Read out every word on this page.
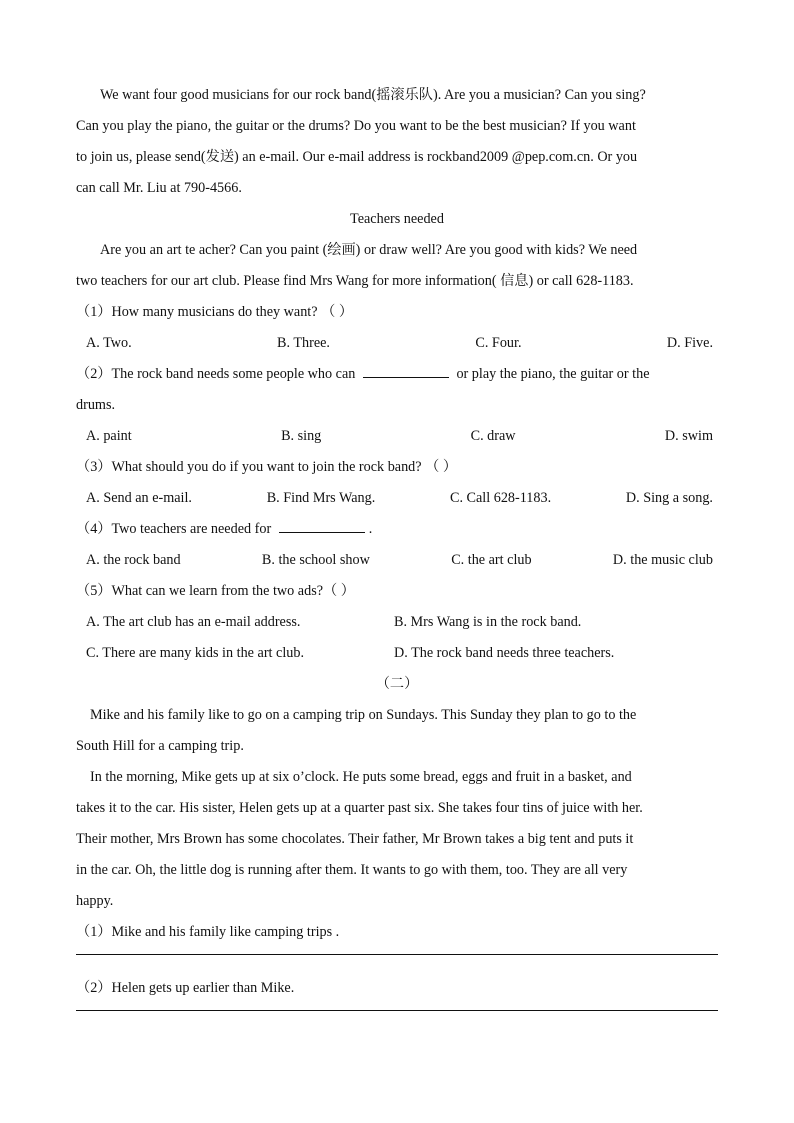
We want four good musicians for our rock band(摇滚乐队). Are you a musician? Can you sing?
Can you play the piano, the guitar or the drums? Do you want to be the best musician? If you want
to join us, please send(发送) an e-mail. Our e-mail address is rockband2009 @pep.com.cn. Or you
can call Mr. Liu at 790-4566.
Teachers needed
Are you an art te acher? Can you paint (绘画) or draw well? Are you good with kids? We need
two teachers for our art club. Please find Mrs Wang for more information( 信息) or call 628-1183.
（1）How many musicians do they want? （ ）
A. Two.	B. Three.	C. Four.	D. Five.
（2）The rock band needs some people who can	or play the piano, the guitar or the
drums.
A. paint	B. sing	C. draw	D. swim
（3）What should you do if you want to join the rock band? （ ）
A. Send an e-mail.	B. Find Mrs Wang.	C. Call 628-1183.	D. Sing a song.
（4）Two teachers are needed for	.
A. the rock band	B. the school show	C. the art club	D. the music club
（5）What can we learn from the two ads?（ ）
A. The art club has an e-mail address.	B. Mrs Wang is in the rock band.
C. There are many kids in the art club.	D. The rock band needs three teachers.
（二）
Mike and his family like to go on a camping trip on Sundays. This Sunday they plan to go to the
South Hill for a camping trip.
In the morning, Mike gets up at six o’clock. He puts some bread, eggs and fruit in a basket, and
takes it to the car. His sister, Helen gets up at a quarter past six. She takes four tins of juice with her.
Their mother, Mrs Brown has some chocolates. Their father, Mr Brown takes a big tent and puts it
in the car. Oh, the little dog is running after them. It wants to go with them, too. They are all very
happy.
（1）Mike and his family like camping trips .
（2）Helen gets up earlier than Mike.
